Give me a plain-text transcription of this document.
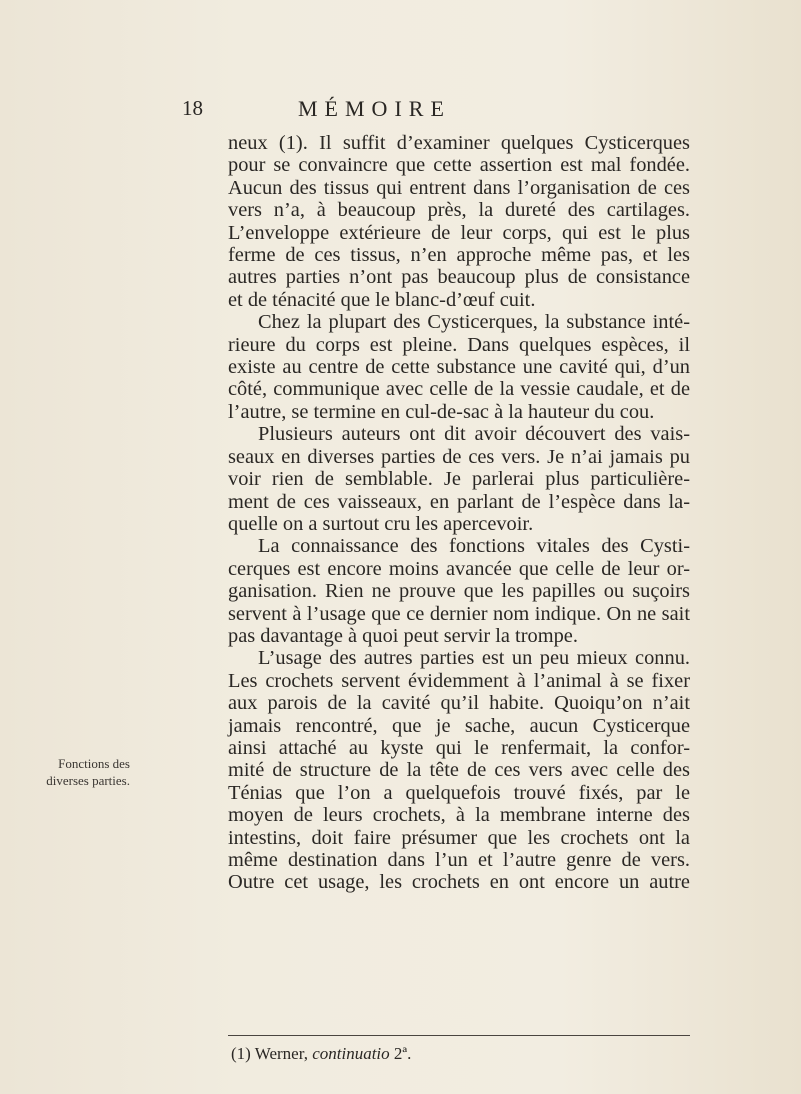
18	MÉMOIRE
Fonctions des
diverses parties.
neux (1). Il suffit d’examiner quelques Cysticerques
pour se convaincre que cette assertion est mal fondée.
Aucun des tissus qui entrent dans l’organisation de ces
vers n’a, à beaucoup près, la dureté des cartilages.
L’enveloppe extérieure de leur corps, qui est le plus
ferme de ces tissus, n’en approche même pas, et les
autres parties n’ont pas beaucoup plus de consistance
et de ténacité que le blanc-d’œuf cuit.
Chez la plupart des Cysticerques, la substance inté-
rieure du corps est pleine. Dans quelques espèces, il
existe au centre de cette substance une cavité qui, d’un
côté, communique avec celle de la vessie caudale, et de
l’autre, se termine en cul-de-sac à la hauteur du cou.
Plusieurs auteurs ont dit avoir découvert des vais-
seaux en diverses parties de ces vers. Je n’ai jamais pu
voir rien de semblable. Je parlerai plus particulière-
ment de ces vaisseaux, en parlant de l’espèce dans la-
quelle on a surtout cru les apercevoir.
La connaissance des fonctions vitales des Cysti-
cerques est encore moins avancée que celle de leur or-
ganisation. Rien ne prouve que les papilles ou suçoirs
servent à l’usage que ce dernier nom indique. On ne sait
pas davantage à quoi peut servir la trompe.
L’usage des autres parties est un peu mieux connu.
Les crochets servent évidemment à l’animal à se fixer
aux parois de la cavité qu’il habite. Quoiqu’on n’ait
jamais rencontré, que je sache, aucun Cysticerque
ainsi attaché au kyste qui le renfermait, la confor-
mité de structure de la tête de ces vers avec celle des
Ténias que l’on a quelquefois trouvé fixés, par le
moyen de leurs crochets, à la membrane interne des
intestins, doit faire présumer que les crochets ont la
même destination dans l’un et l’autre genre de vers.
Outre cet usage, les crochets en ont encore un autre
(1) Werner, continuatio 2ª.
